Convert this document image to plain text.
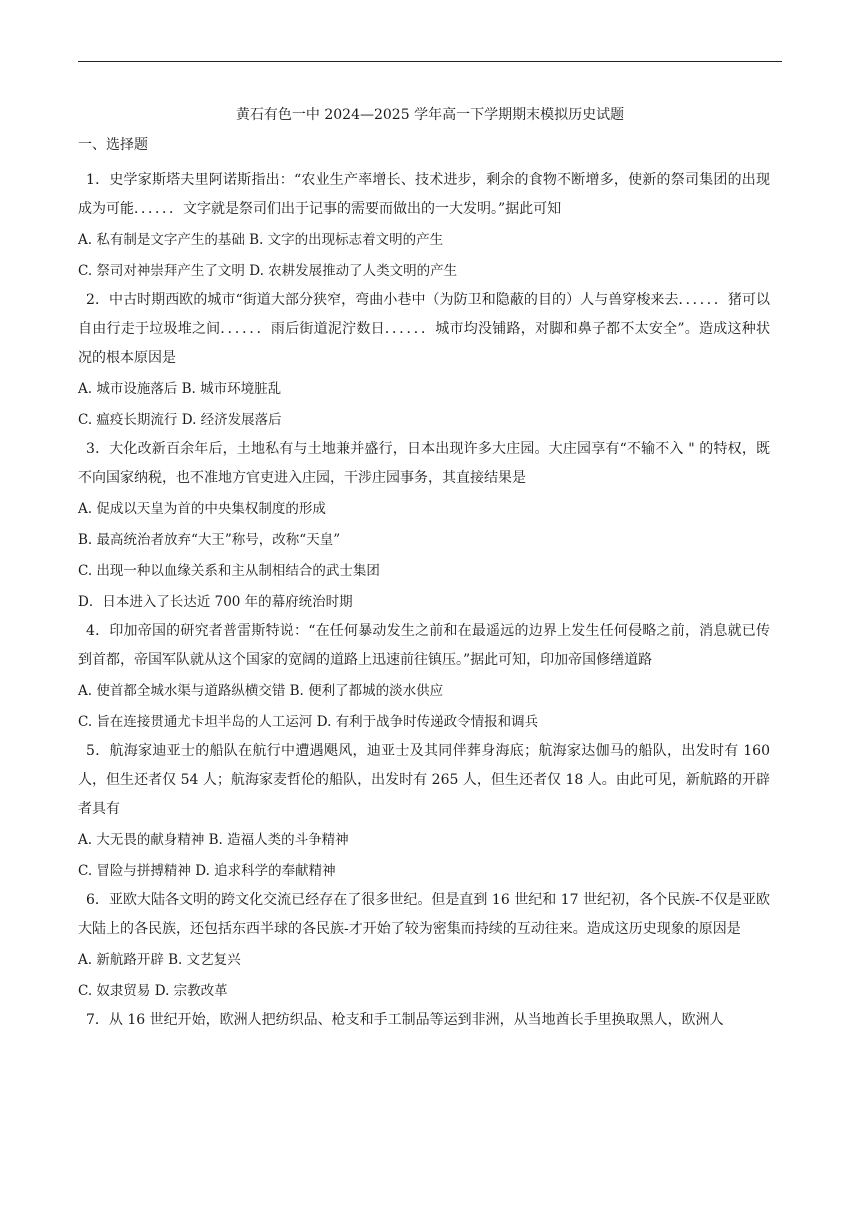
黄石有色一中 2024—2025 学年高一下学期期末模拟历史试题
一、选择题

1．史学家斯塔夫里阿诺斯指出：“农业生产率增长、技术进步，剩余的食物不断增多，使新的祭司集团的出现成为可能．．．．．．文字就是祭司们出于记事的需要而做出的一大发明。”据此可知

A. 私有制是文字产生的基础 B. 文字的出现标志着文明的产生

C. 祭司对神崇拜产生了文明 D. 农耕发展推动了人类文明的产生

2．中古时期西欧的城市“街道大部分狭窄，弯曲小巷中（为防卫和隐蔽的目的）人与兽穿梭来去．．．．．．猪可以自由行走于垃圾堆之间．．．．．．雨后街道泥泞数日．．．．．．城市均没铺路，对脚和鼻子都不太安全”。造成这种状况的根本原因是

A. 城市设施落后 B. 城市环境脏乱

C. 瘟疫长期流行 D. 经济发展落后

3．大化改新百余年后，土地私有与土地兼并盛行，日本出现许多大庄园。大庄园享有“不输不入 " 的特权，既不向国家纳税，也不准地方官吏进入庄园，干涉庄园事务，其直接结果是

A. 促成以天皇为首的中央集权制度的形成

B. 最高统治者放弃“大王”称号，改称“天皇”

C. 出现一种以血缘关系和主从制相结合的武士集团

D．日本进入了长达近 700 年的幕府统治时期

4．印加帝国的研究者普雷斯特说：“在任何暴动发生之前和在最遥远的边界上发生任何侵略之前，消息就已传到首都，帝国军队就从这个国家的宽阔的道路上迅速前往镇压。”据此可知，印加帝国修缮道路

A. 使首都全城水渠与道路纵横交错 B. 便利了都城的淡水供应

C. 旨在连接贯通尤卡坦半岛的人工运河 D. 有利于战争时传递政令情报和调兵

5．航海家迪亚士的船队在航行中遭遇飓风，迪亚士及其同伴葬身海底；航海家达伽马的船队，出发时有 160 人，但生还者仅 54 人；航海家麦哲伦的船队，出发时有 265 人，但生还者仅 18 人。由此可见，新航路的开辟者具有

A. 大无畏的献身精神 B. 造福人类的斗争精神

C. 冒险与拼搏精神 D. 追求科学的奉献精神

6．亚欧大陆各文明的跨文化交流已经存在了很多世纪。但是直到 16 世纪和 17 世纪初，各个民族-不仅是亚欧大陆上的各民族，还包括东西半球的各民族-才开始了较为密集而持续的互动往来。造成这历史现象的原因是

A. 新航路开辟 B. 文艺复兴

C. 奴隶贸易 D. 宗教改革

7．从 16 世纪开始，欧洲人把纺织品、枪支和手工制品等运到非洲，从当地酋长手里换取黑人，欧洲人
